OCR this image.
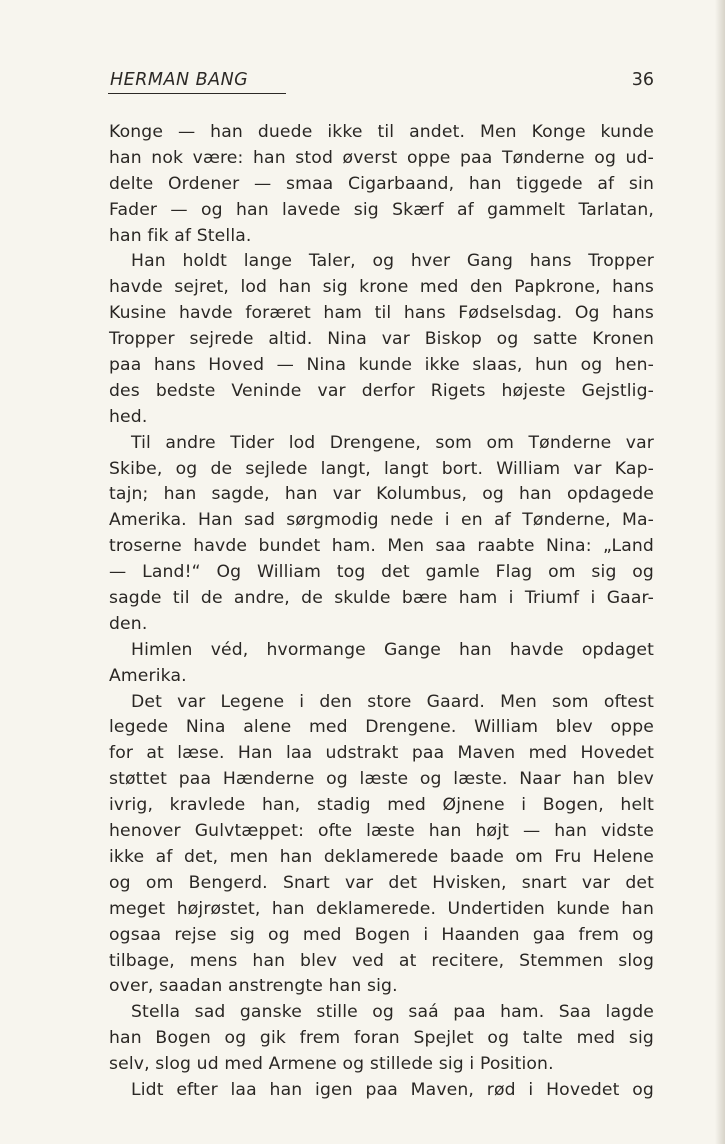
HERMAN BANG	36
Konge — han duede ikke til andet. Men Konge kunde
han nok være: han stod øverst oppe paa Tønderne og ud-
delte Ordener — smaa Cigarbaand, han tiggede af sin
Fader — og han lavede sig Skærf af gammelt Tarlatan,
han fik af Stella.
Han holdt lange Taler, og hver Gang hans Tropper
havde sejret, lod han sig krone med den Papkrone, hans
Kusine havde foræret ham til hans Fødselsdag. Og hans
Tropper sejrede altid. Nina var Biskop og satte Kronen
paa hans Hoved — Nina kunde ikke slaas, hun og hen-
des bedste Veninde var derfor Rigets højeste Gejstlig-
hed.
Til andre Tider lod Drengene, som om Tønderne var
Skibe, og de sejlede langt, langt bort. William var Kap-
tajn; han sagde, han var Kolumbus, og han opdagede
Amerika. Han sad sørgmodig nede i en af Tønderne, Ma-
troserne havde bundet ham. Men saa raabte Nina: „Land
— Land!“ Og William tog det gamle Flag om sig og
sagde til de andre, de skulde bære ham i Triumf i Gaar-
den.
Himlen véd, hvormange Gange han havde opdaget
Amerika.
Det var Legene i den store Gaard. Men som oftest
legede Nina alene med Drengene. William blev oppe
for at læse. Han laa udstrakt paa Maven med Hovedet
støttet paa Hænderne og læste og læste. Naar han blev
ivrig, kravlede han, stadig med Øjnene i Bogen, helt
henover Gulvtæppet: ofte læste han højt — han vidste
ikke af det, men han deklamerede baade om Fru Helene
og om Bengerd. Snart var det Hvisken, snart var det
meget højrøstet, han deklamerede. Undertiden kunde han
ogsaa rejse sig og med Bogen i Haanden gaa frem og
tilbage, mens han blev ved at recitere, Stemmen slog
over, saadan anstrengte han sig.
Stella sad ganske stille og saá paa ham. Saa lagde
han Bogen og gik frem foran Spejlet og talte med sig
selv, slog ud med Armene og stillede sig i Position.
Lidt efter laa han igen paa Maven, rød i Hovedet og
